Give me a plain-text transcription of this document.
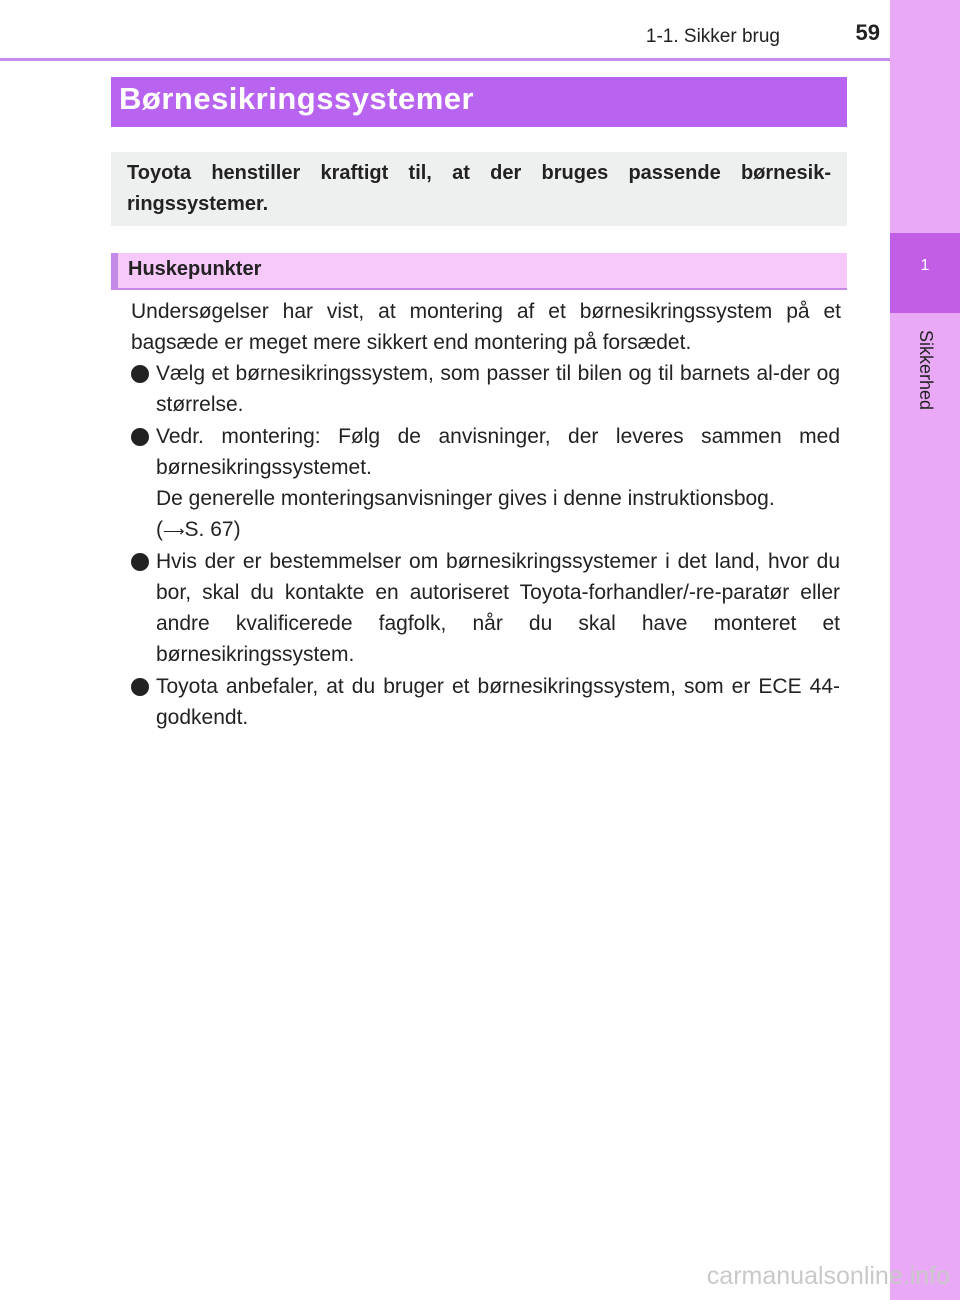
1
Sikkerhed
1-1. Sikker brug	59
Børnesikringssystemer
Toyota henstiller kraftigt til, at der bruges passende børnesik-ringssystemer.
Huskepunkter
Undersøgelser har vist, at montering af et børnesikringssystem på et bagsæde er meget mere sikkert end montering på forsædet.
Vælg et børnesikringssystem, som passer til bilen og til barnets al-der og størrelse.
Vedr. montering: Følg de anvisninger, der leveres sammen med børnesikringssystemet.
De generelle monteringsanvisninger gives i denne instruktionsbog.
(⟶S. 67)
Hvis der er bestemmelser om børnesikringssystemer i det land, hvor du bor, skal du kontakte en autoriseret Toyota-forhandler/-re-paratør eller andre kvalificerede fagfolk, når du skal have monteret et børnesikringssystem.
Toyota anbefaler, at du bruger et børnesikringssystem, som er ECE 44-godkendt.
carmanualsonline.info
